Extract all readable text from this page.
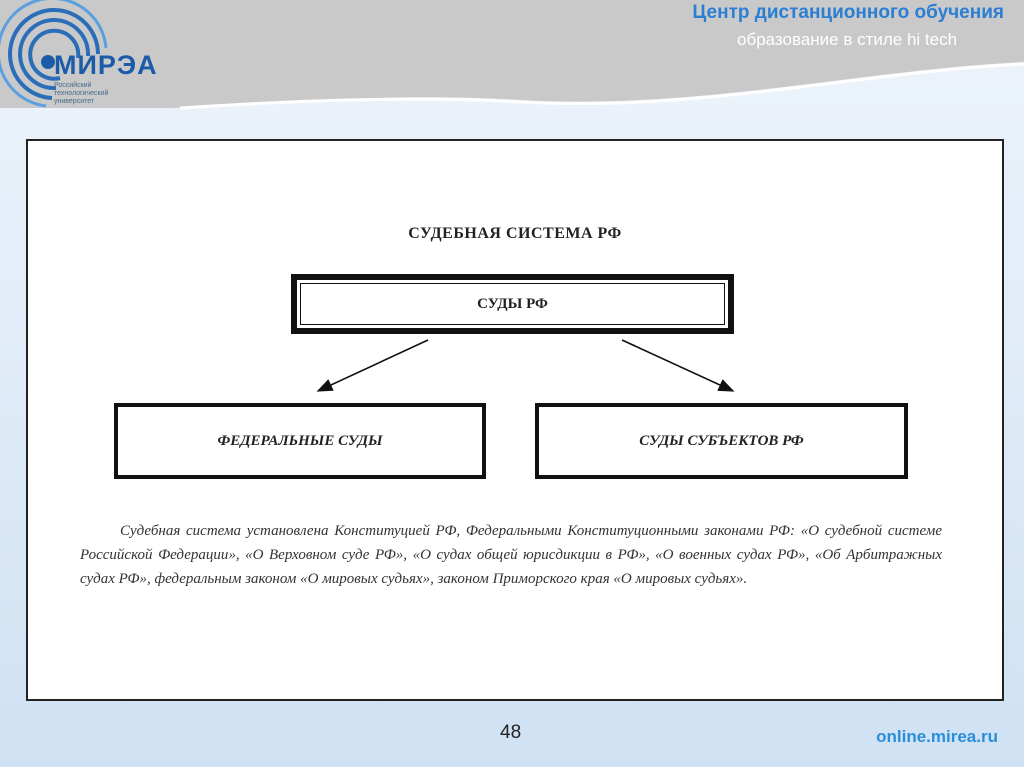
МИРЭА
Российский технологический университет
Центр дистанционного обучения
образование в стиле hi tech
СУДЕБНАЯ СИСТЕМА РФ
СУДЫ РФ
ФЕДЕРАЛЬНЫЕ СУДЫ	СУДЫ СУБЪЕКТОВ РФ
Судебная система установлена Конституцией РФ, Федеральными Конституционными законами РФ: «О судебной системе Российской Федерации», «О Верховном суде РФ», «О судах общей юрисдикции в РФ», «О военных судах РФ», «Об Арбитражных судах РФ», федеральным законом «О мировых судьях», законом Приморского края «О мировых судьях».
48	online.mirea.ru
